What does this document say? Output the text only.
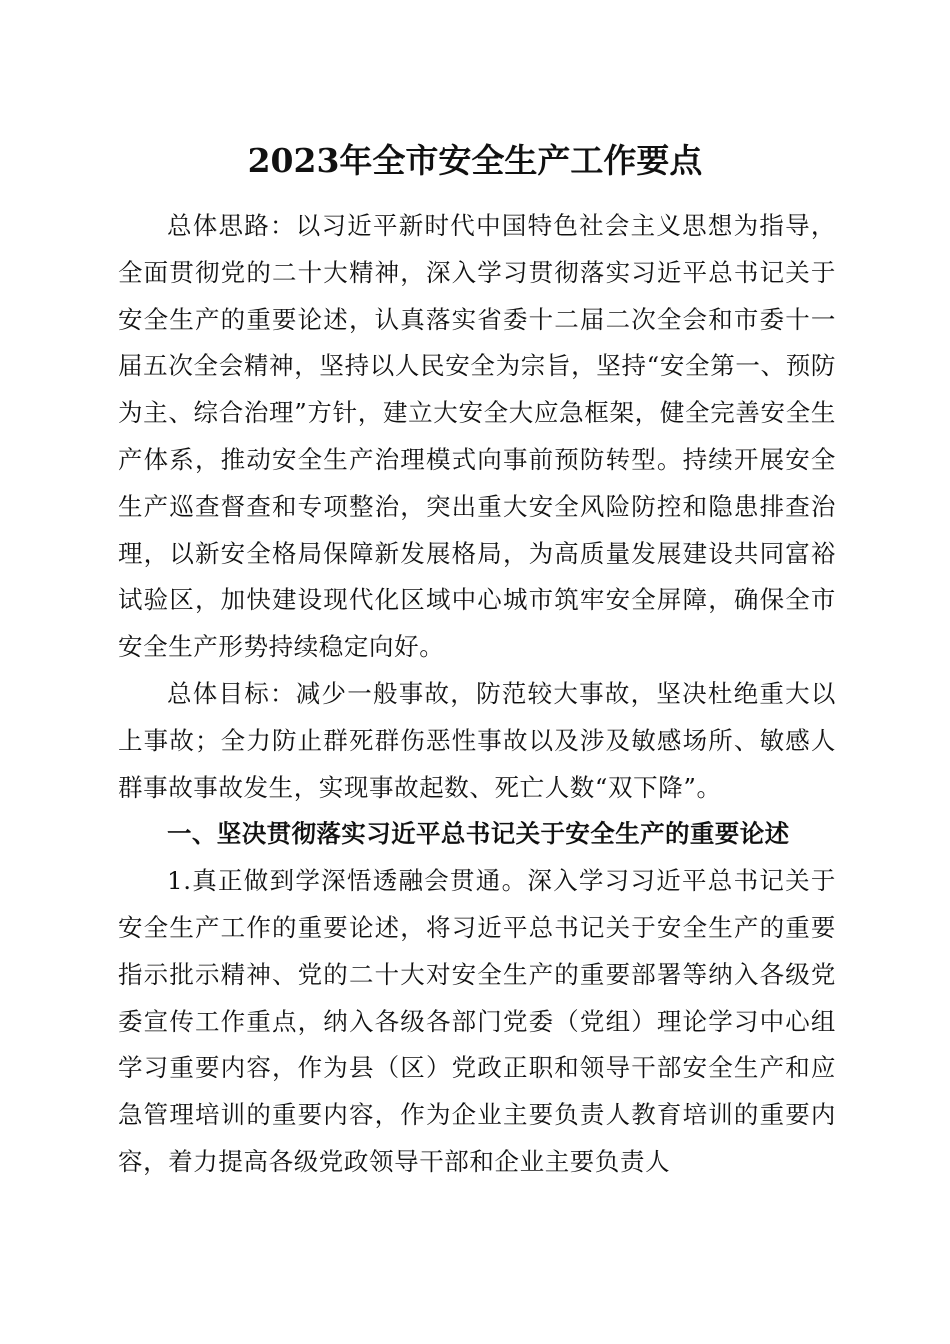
2023年全市安全生产工作要点

总体思路：以习近平新时代中国特色社会主义思想为指导，全面贯彻党的二十大精神，深入学习贯彻落实习近平总书记关于安全生产的重要论述，认真落实省委十二届二次全会和市委十一届五次全会精神，坚持以人民安全为宗旨，坚持“安全第一、预防为主、综合治理”方针，建立大安全大应急框架，健全完善安全生产体系，推动安全生产治理模式向事前预防转型。持续开展安全生产巡查督查和专项整治，突出重大安全风险防控和隐患排查治理，以新安全格局保障新发展格局，为高质量发展建设共同富裕试验区，加快建设现代化区域中心城市筑牢安全屏障，确保全市安全生产形势持续稳定向好。

总体目标：减少一般事故，防范较大事故，坚决杜绝重大以上事故；全力防止群死群伤恶性事故以及涉及敏感场所、敏感人群事故事故发生，实现事故起数、死亡人数“双下降”。

一、坚决贯彻落实习近平总书记关于安全生产的重要论述

1.真正做到学深悟透融会贯通。深入学习习近平总书记关于安全生产工作的重要论述，将习近平总书记关于安全生产的重要指示批示精神、党的二十大对安全生产的重要部署等纳入各级党委宣传工作重点，纳入各级各部门党委（党组）理论学习中心组学习重要内容，作为县（区）党政正职和领导干部安全生产和应急管理培训的重要内容，作为企业主要负责人教育培训的重要内容，着力提高各级党政领导干部和企业主要负责人
